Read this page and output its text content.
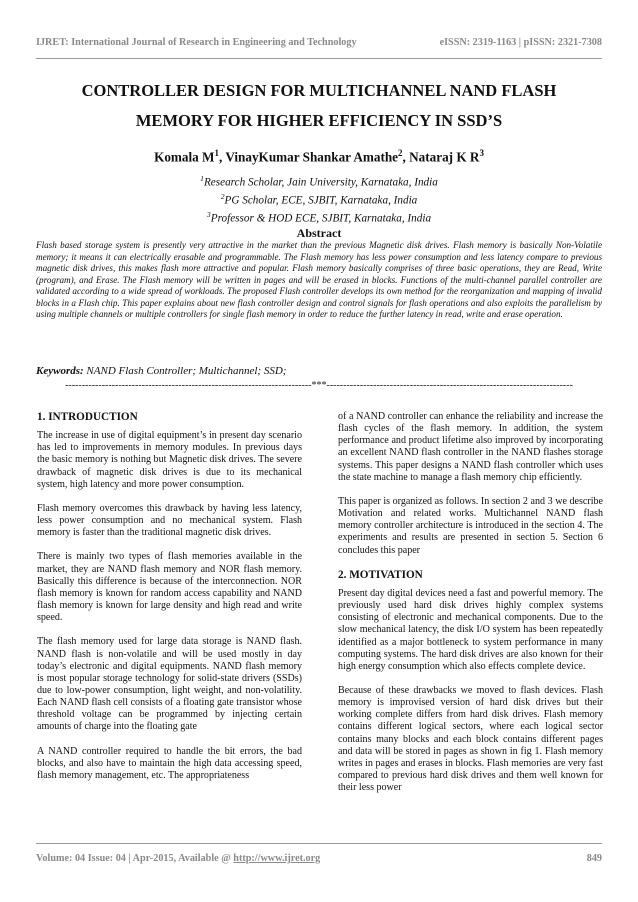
IJRET: International Journal of Research in Engineering and Technology	eISSN: 2319-1163 | pISSN: 2321-7308
CONTROLLER DESIGN FOR MULTICHANNEL NAND FLASH
MEMORY FOR HIGHER EFFICIENCY IN SSD’S
Komala $M^1$, VinayKumar Shankar Amathe$^2$, Nataraj K $R^3$
$^1$Research Scholar, Jain University, Karnataka, India
$^2$PG Scholar, ECE, SJBIT, Karnataka, India
$^3$Professor & HOD ECE, SJBIT, Karnataka, India
Abstract
Flash based storage system is presently very attractive in the market than the previous Magnetic disk drives. Flash memory is basically Non-Volatile memory; it means it can electrically erasable and programmable. The Flash memory has less power consumption and less latency compare to previous magnetic disk drives, this makes flash more attractive and popular. Flash memory basically comprises of three basic operations, they are Read, Write (program), and Erase. The Flash memory will be written in pages and will be erased in blocks. Functions of the multi-channel parallel controller are validated according to a wide spread of workloads. The proposed Flash controller develops its own method for the reorganization and mapping of invalid blocks in a Flash chip. This paper explains about new flash controller design and control signals for flash operations and also exploits the parallelism by using multiple channels or multiple controllers for single flash memory in order to reduce the further latency in read, write and erase operation.
Keywords: NAND Flash Controller; Multichannel; SSD;
--------------------------------------------------------------------------***--------------------------------------------------------------------------
1. INTRODUCTION

The increase in use of digital equipment’s in present day scenario has led to improvements in memory modules. In previous days the basic memory is nothing but Magnetic disk drives. The severe drawback of magnetic disk drives is due to its mechanical system, high latency and more power consumption.

Flash memory overcomes this drawback by having less latency, less power consumption and no mechanical system. Flash memory is faster than the traditional magnetic disk drives.

There is mainly two types of flash memories available in the market, they are NAND flash memory and NOR flash memory. Basically this difference is because of the interconnection. NOR flash memory is known for random access capability and NAND flash memory is known for large density and high read and write speed.

The flash memory used for large data storage is NAND flash. NAND flash is non-volatile and will be used mostly in day today’s electronic and digital equipments. NAND flash memory is most popular storage technology for solid-state drivers (SSDs) due to low-power consumption, light weight, and non-volatility. Each NAND flash cell consists of a floating gate transistor whose threshold voltage can be programmed by injecting certain amounts of charge into the floating gate

A NAND controller required to handle the bit errors, the bad blocks, and also have to maintain the high data accessing speed, flash memory management, etc. The appropriateness

of a NAND controller can enhance the reliability and increase the flash cycles of the flash memory. In addition, the system performance and product lifetime also improved by incorporating an excellent NAND flash controller in the NAND flashes storage systems. This paper designs a NAND flash controller which uses the state machine to manage a flash memory chip efficiently.

This paper is organized as follows. In section 2 and 3 we describe Motivation and related works. Multichannel NAND flash memory controller architecture is introduced in the section 4. The experiments and results are presented in section 5. Section 6 concludes this paper

2. MOTIVATION

Present day digital devices need a fast and powerful memory. The previously used hard disk drives highly complex systems consisting of electronic and mechanical components. Due to the slow mechanical latency, the disk I/O system has been repeatedly identified as a major bottleneck to system performance in many computing systems. The hard disk drives are also known for their high energy consumption which also effects complete device.

Because of these drawbacks we moved to flash devices. Flash memory is improvised version of hard disk drives but their working complete differs from hard disk drives. Flash memory contains different logical sectors, where each logical sector contains many blocks and each block contains different pages and data will be stored in pages as shown in fig 1. Flash memory writes in pages and erases in blocks. Flash memories are very fast compared to previous hard disk drives and them well known for their less power

Volume: 04 Issue: 04 | Apr-2015, Available @ http://www.ijret.org	849
